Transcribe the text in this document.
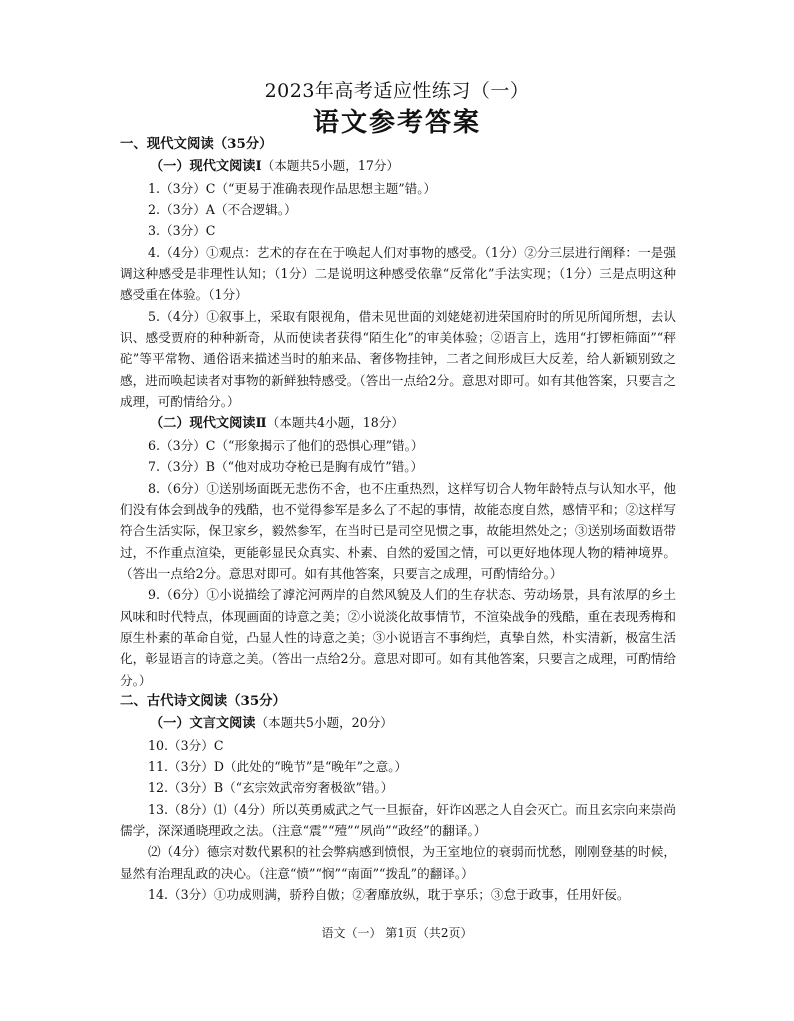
2023年高考适应性练习（一）
语文参考答案

一、现代文阅读（35分）

（一）现代文阅读Ⅰ（本题共5小题，17分）

1.（3分）C（“更易于准确表现作品思想主题”错。）

2.（3分）A（不合逻辑。）

3.（3分）C

4.（4分）①观点：艺术的存在在于唤起人们对事物的感受。（1分）②分三层进行阐释：一是强调这种感受是非理性认知；（1分）二是说明这种感受依靠“反常化”手法实现；（1分）三是点明这种感受重在体验。（1分）

5.（4分）①叙事上，采取有限视角，借未见世面的刘姥姥初进荣国府时的所见所闻所想，去认识、感受贾府的种种新奇，从而使读者获得“陌生化”的审美体验；②语言上，选用“打锣柜筛面”“秤砣”等平常物、通俗语来描述当时的舶来品、奢侈物挂钟，二者之间形成巨大反差，给人新颖别致之感，进而唤起读者对事物的新鲜独特感受。（答出一点给2分。意思对即可。如有其他答案，只要言之成理，可酌情给分。）

（二）现代文阅读Ⅱ（本题共4小题，18分）

6.（3分）C（“形象揭示了他们的恐惧心理”错。）

7.（3分）B（“他对成功夺枪已是胸有成竹”错。）

8.（6分）①送别场面既无悲伤不舍，也不庄重热烈，这样写切合人物年龄特点与认知水平，他们没有体会到战争的残酷，也不觉得参军是多么了不起的事情，故能态度自然，感情平和；②这样写符合生活实际，保卫家乡，毅然参军，在当时已是司空见惯之事，故能坦然处之；③送别场面数语带过，不作重点渲染，更能彰显民众真实、朴素、自然的爱国之情，可以更好地体现人物的精神境界。（答出一点给2分。意思对即可。如有其他答案，只要言之成理，可酌情给分。）

9.（6分）①小说描绘了滹沱河两岸的自然风貌及人们的生存状态、劳动场景，具有浓厚的乡土风味和时代特点，体现画面的诗意之美；②小说淡化故事情节，不渲染战争的残酷，重在表现秀梅和原生朴素的革命自觉，凸显人性的诗意之美；③小说语言不事绚烂，真挚自然，朴实清新，极富生活化，彰显语言的诗意之美。（答出一点给2分。意思对即可。如有其他答案，只要言之成理，可酌情给分。）

二、古代诗文阅读（35分）

（一）文言文阅读（本题共5小题，20分）

10.（3分）C

11.（3分）D（此处的“晚节”是“晚年”之意。）

12.（3分）B（“玄宗效武帝穷奢极欲”错。）

13.（8分）⑴（4分）所以英勇威武之气一旦振奋，奸诈凶恶之人自会灭亡。而且玄宗向来崇尚儒学，深深通晓理政之法。（注意“震”“殪”“夙尚”“政经”的翻译。）

⑵（4分）德宗对数代累积的社会弊病感到愤恨，为王室地位的衰弱而忧愁，刚刚登基的时候，显然有治理乱政的决心。（注意“愤”“悯”“南面”“拨乱”的翻译。）

14.（3分）①功成则满，骄矜自傲；②奢靡放纵，耽于享乐；③怠于政事，任用奸佞。

语文（一） 第1页（共2页）
